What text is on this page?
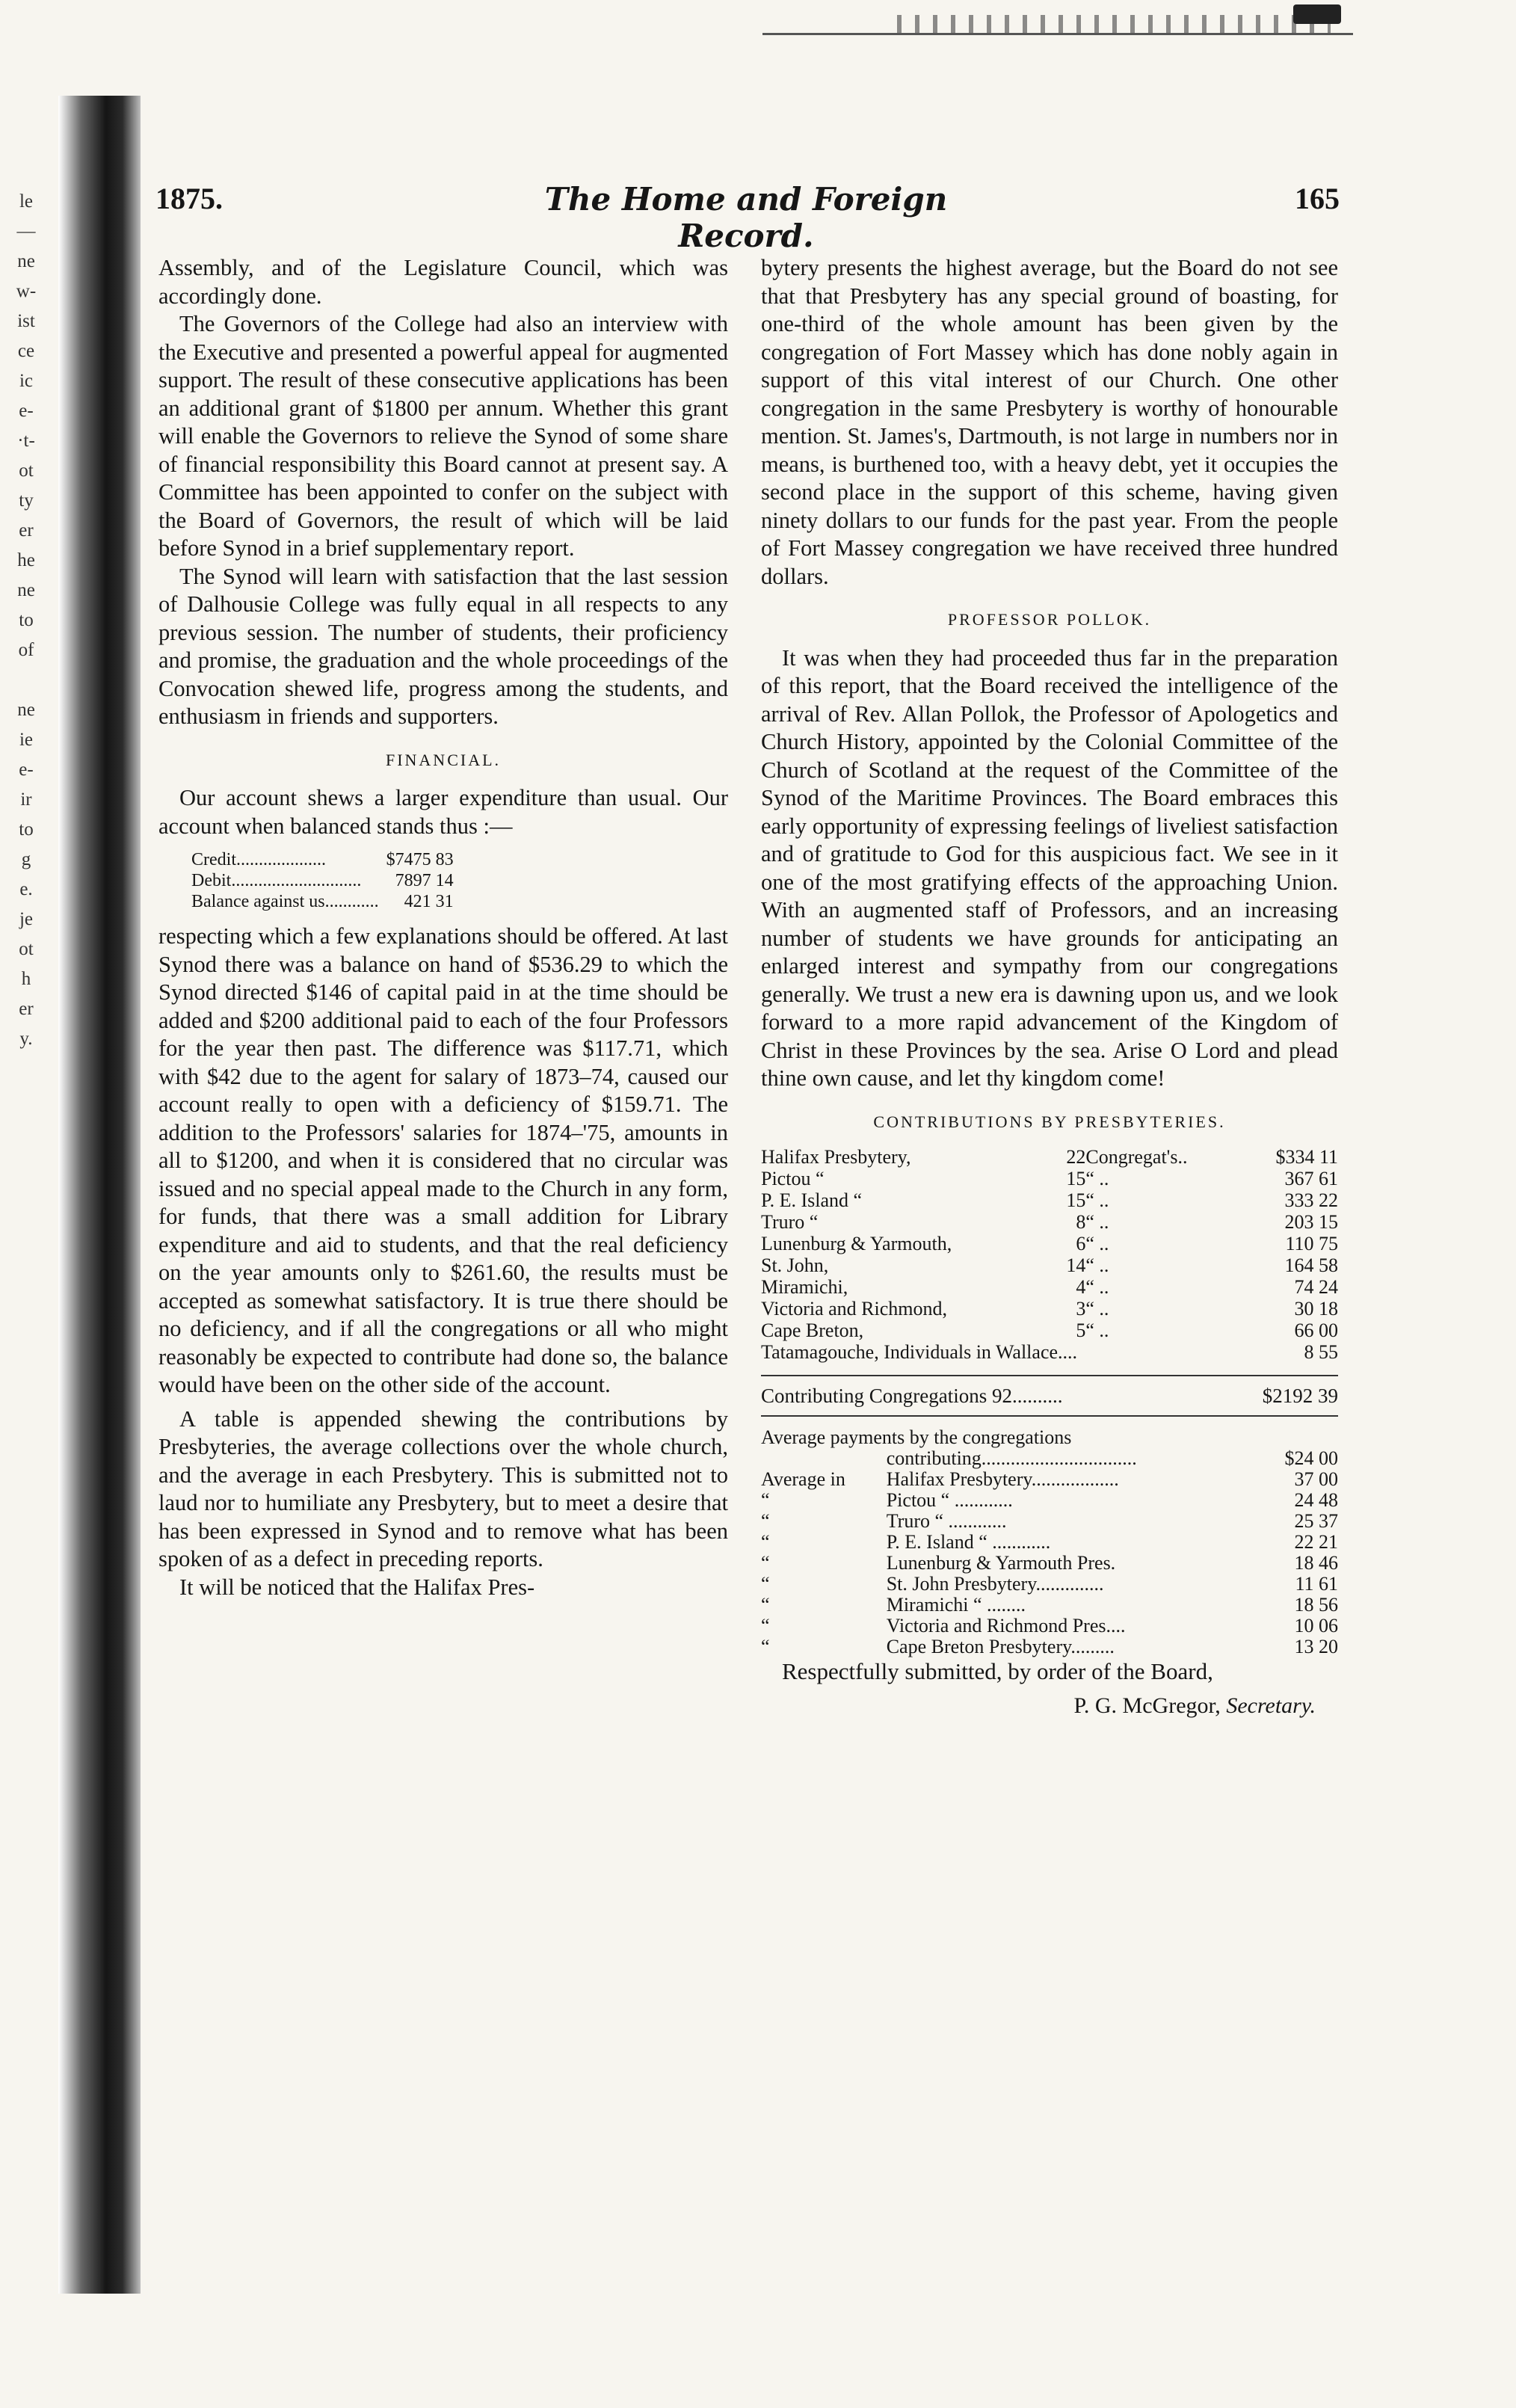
le
—
ne
w-
ist
ce
ic
e-
·t-
ot
ty
er
he
ne
to
of

ne
ie
e-
ir
to
g
e.
je
ot
h
er
y.
1875.	The Home and Foreign Record.
165

Assembly, and of the Legislature Council, which was accordingly done.

The Governors of the College had also an interview with the Executive and presented a powerful appeal for augmented support. The result of these consecutive applications has been an additional grant of $1800 per annum. Whether this grant will enable the Governors to relieve the Synod of some share of financial responsibility this Board cannot at present say. A Committee has been appointed to confer on the subject with the Board of Governors, the result of which will be laid before Synod in a brief supplementary report.

The Synod will learn with satisfaction that the last session of Dalhousie College was fully equal in all respects to any previous session. The number of students, their proficiency and promise, the graduation and the whole proceedings of the Convocation shewed life, progress among the students, and enthusiasm in friends and supporters.

FINANCIAL.

Our account shews a larger expenditure than usual. Our account when balanced stands thus :—

Credit....................	$7475 83
Debit.............................	7897 14
Balance against us............	421 31

respecting which a few explanations should be offered. At last Synod there was a balance on hand of $536.29 to which the Synod directed $146 of capital paid in at the time should be added and $200 additional paid to each of the four Professors for the year then past. The difference was $117.71, which with $42 due to the agent for salary of 1873–74, caused our account really to open with a deficiency of $159.71. The addition to the Professors' salaries for 1874–'75, amounts in all to $1200, and when it is considered that no circular was issued and no special appeal made to the Church in any form, for funds, that there was a small addition for Library expenditure and aid to students, and that the real deficiency on the year amounts only to $261.60, the results must be accepted as somewhat satisfactory. It is true there should be no deficiency, and if all the congregations or all who might reasonably be expected to contribute had done so, the balance would have been on the other side of the account.

A table is appended shewing the contributions by Presbyteries, the average collections over the whole church, and the average in each Presbytery. This is submitted not to laud nor to humiliate any Presbytery, but to meet a desire that has been expressed in Synod and to remove what has been spoken of as a defect in preceding reports.

It will be noticed that the Halifax Pres-

bytery presents the highest average, but the Board do not see that that Presbytery has any special ground of boasting, for one-third of the whole amount has been given by the congregation of Fort Massey which has done nobly again in support of this vital interest of our Church. One other congregation in the same Presbytery is worthy of honourable mention. St. James's, Dartmouth, is not large in numbers nor in means, is burthened too, with a heavy debt, yet it occupies the second place in the support of this scheme, having given ninety dollars to our funds for the past year. From the people of Fort Massey congregation we have received three hundred dollars.

PROFESSOR POLLOK.

It was when they had proceeded thus far in the preparation of this report, that the Board received the intelligence of the arrival of Rev. Allan Pollok, the Professor of Apologetics and Church History, appointed by the Colonial Committee of the Church of Scotland at the request of the Committee of the Synod of the Maritime Provinces. The Board embraces this early opportunity of expressing feelings of liveliest satisfaction and of gratitude to God for this auspicious fact. We see in it one of the most gratifying effects of the approaching Union. With an augmented staff of Professors, and an increasing number of students we have grounds for anticipating an enlarged interest and sympathy from our congregations generally. We trust a new era is dawning upon us, and we look forward to a more rapid advancement of the Kingdom of Christ in these Provinces by the sea. Arise O Lord and plead thine own cause, and let thy kingdom come!

CONTRIBUTIONS BY PRESBYTERIES.
Halifax Presbytery,	22	Congregat's..	$334 11
Pictou “	15	“ ..	367 61
P. E. Island “	15	“ ..	333 22
Truro “	8	“ ..	203 15
Lunenburg & Yarmouth,	6	“ ..	110 75
St. John,	14	“ ..	164 58
Miramichi,	4	“ ..	74 24
Victoria and Richmond,	3	“ ..	30 18
Cape Breton,	5	“ ..	66 00
Tatamagouche, Individuals in Wallace....			8 55
Contributing Congregations 92..........	$2192 39
Average payments by the congregations		
	contributing................................	$24 00
Average in	Halifax Presbytery..................	37 00
“	Pictou “ ............	24 48
“	Truro “ ............	25 37
“	P. E. Island “ ............	22 21
“	Lunenburg & Yarmouth Pres.	18 46
“	St. John Presbytery..............	11 61
“	Miramichi “ ........	18 56
“	Victoria and Richmond Pres....	10 06
“	Cape Breton Presbytery.........	13 20

Respectfully submitted, by order of the Board,

P. G. McGregor, Secretary.
